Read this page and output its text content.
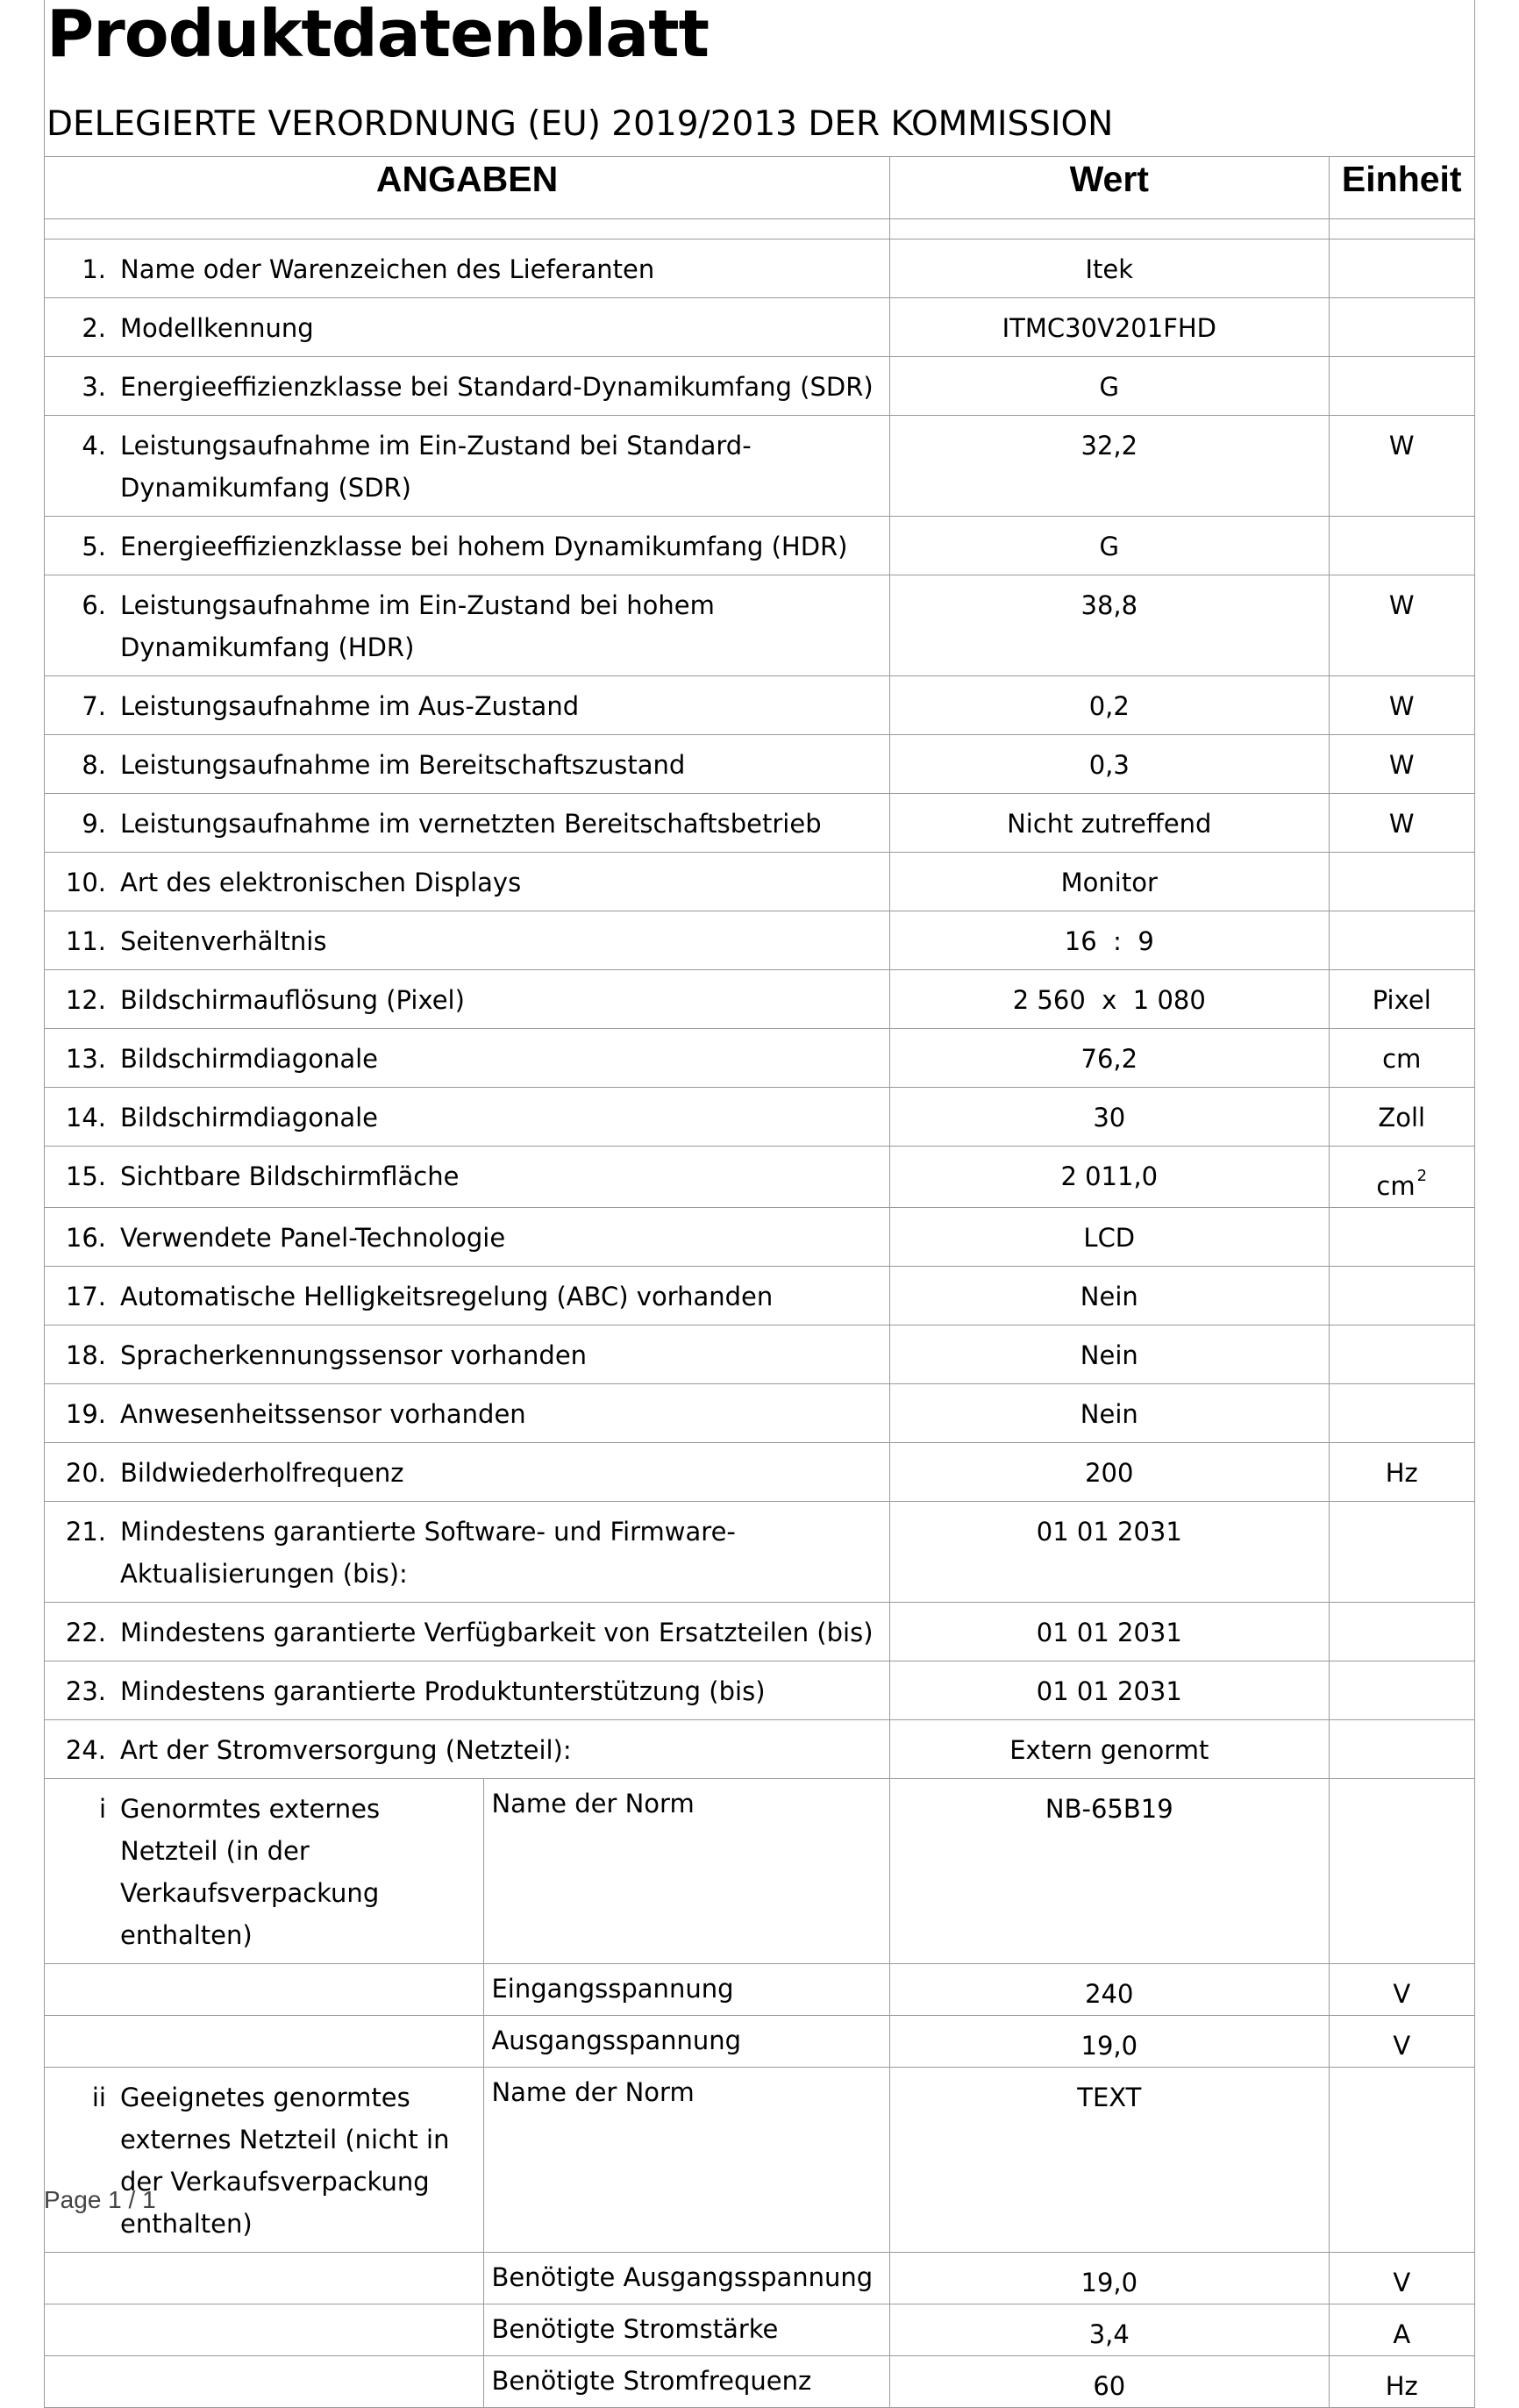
Produktdatenblatt
DELEGIERTE VERORDNUNG (EU) 2019/2013 DER KOMMISSION
ANGABEN		Wert	Einheit

1. Name oder Warenzeichen des Lieferanten		Itek	

2. Modellkennung		ITMC30V201FHD	

3. Energieeffizienzklasse bei Standard-Dynamikumfang (SDR)		G	

4. Leistungsaufnahme im Ein-Zustand bei Standard-Dynamikumfang (SDR)		32,2	W

5. Energieeffizienzklasse bei hohem Dynamikumfang (HDR)		G	

6. Leistungsaufnahme im Ein-Zustand bei hohem Dynamikumfang (HDR)		38,8	W

7. Leistungsaufnahme im Aus-Zustand		0,2	W

8. Leistungsaufnahme im Bereitschaftszustand		0,3	W

9. Leistungsaufnahme im vernetzten Bereitschaftsbetrieb		Nicht zutreffend	W

10. Art des elektronischen Displays		Monitor	

11. Seitenverhältnis		16  :  9	

12. Bildschirmauflösung (Pixel)		2 560  x  1 080	Pixel

13. Bildschirmdiagonale		76,2	cm

14. Bildschirmdiagonale		30	Zoll

15. Sichtbare Bildschirmfläche		2 011,0	cm $^2$

16. Verwendete Panel-Technologie		LCD	

17. Automatische Helligkeitsregelung (ABC) vorhanden		Nein	

18. Spracherkennungssensor vorhanden		Nein	

19. Anwesenheitssensor vorhanden		Nein	

20. Bildwiederholfrequenz		200	Hz

21. Mindestens garantierte Software- und Firmware-Aktualisierungen (bis):		01 01 2031	

22. Mindestens garantierte Verfügbarkeit von Ersatzteilen (bis)		01 01 2031	

23. Mindestens garantierte Produktunterstützung (bis)		01 01 2031	

24. Art der Stromversorgung (Netzteil):		Extern genormt	

i Genormtes externes Netzteil (in der Verkaufsverpackung enthalten)	Name der Norm	NB-65B19	
	Eingangsspannung	240	V
	Ausgangsspannung	19,0	V

ii Geeignetes genormtes externes Netzteil (nicht in der Verkaufsverpackung enthalten)	Name der Norm	TEXT	
	Benötigte Ausgangsspannung	19,0	V
	Benötigte Stromstärke	3,4	A
	Benötigte Stromfrequenz	60	Hz
Page 1 / 1
